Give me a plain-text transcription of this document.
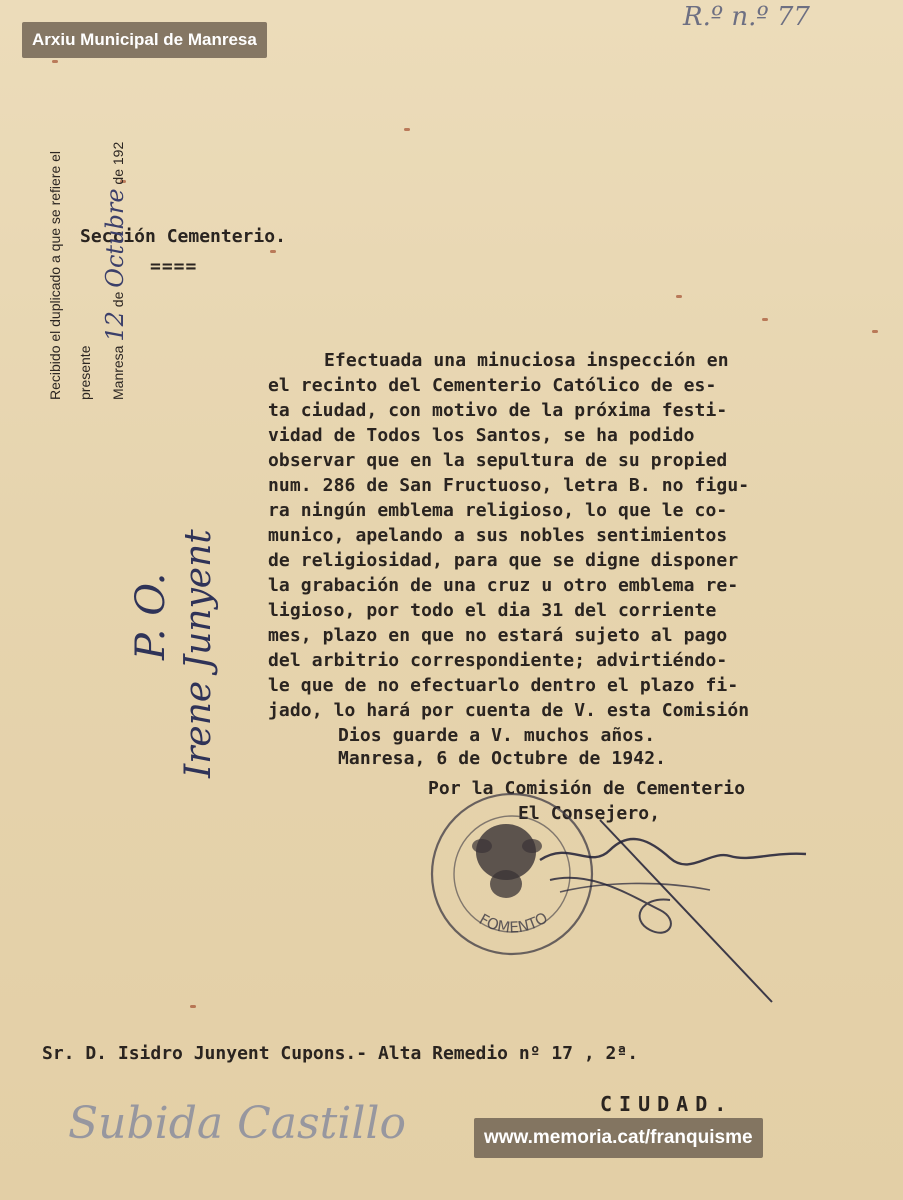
Arxiu Municipal de Manresa
R.º n.º 77
Sección Cementerio.
====
Efectuada una minuciosa inspección en
el recinto del Cementerio Católico de es-
ta ciudad, con motivo de la próxima festi-
vidad de Todos los Santos, se ha podido
observar que en la sepultura de su propied
num. 286 de San Fructuoso, letra B. no figu-
ra ningún emblema religioso, lo que le co-
munico, apelando a sus nobles sentimientos
de religiosidad, para que se digne disponer
la grabación de una cruz u otro emblema re-
ligioso, por todo el dia 31 del corriente
mes, plazo en que no estará sujeto al pago
del arbitrio correspondiente; advirtiéndo-
le que de no efectuarlo dentro el plazo fi-
jado, lo hará por cuenta de V. esta Comisión
Dios guarde a V. muchos años.
Manresa, 6 de Octubre de 1942.
Por la Comisión de Cementerio
El Consejero,
FOMENTO
Recibido el duplicado a que se refiere el	presente	Manresa 12 de Octubre de 192
P. O. Irene Junyent
Sr. D. Isidro Junyent Cupons.- Alta Remedio nº 17 , 2ª.
CIUDAD.
Subida Castillo	www.memoria.cat/franquisme
